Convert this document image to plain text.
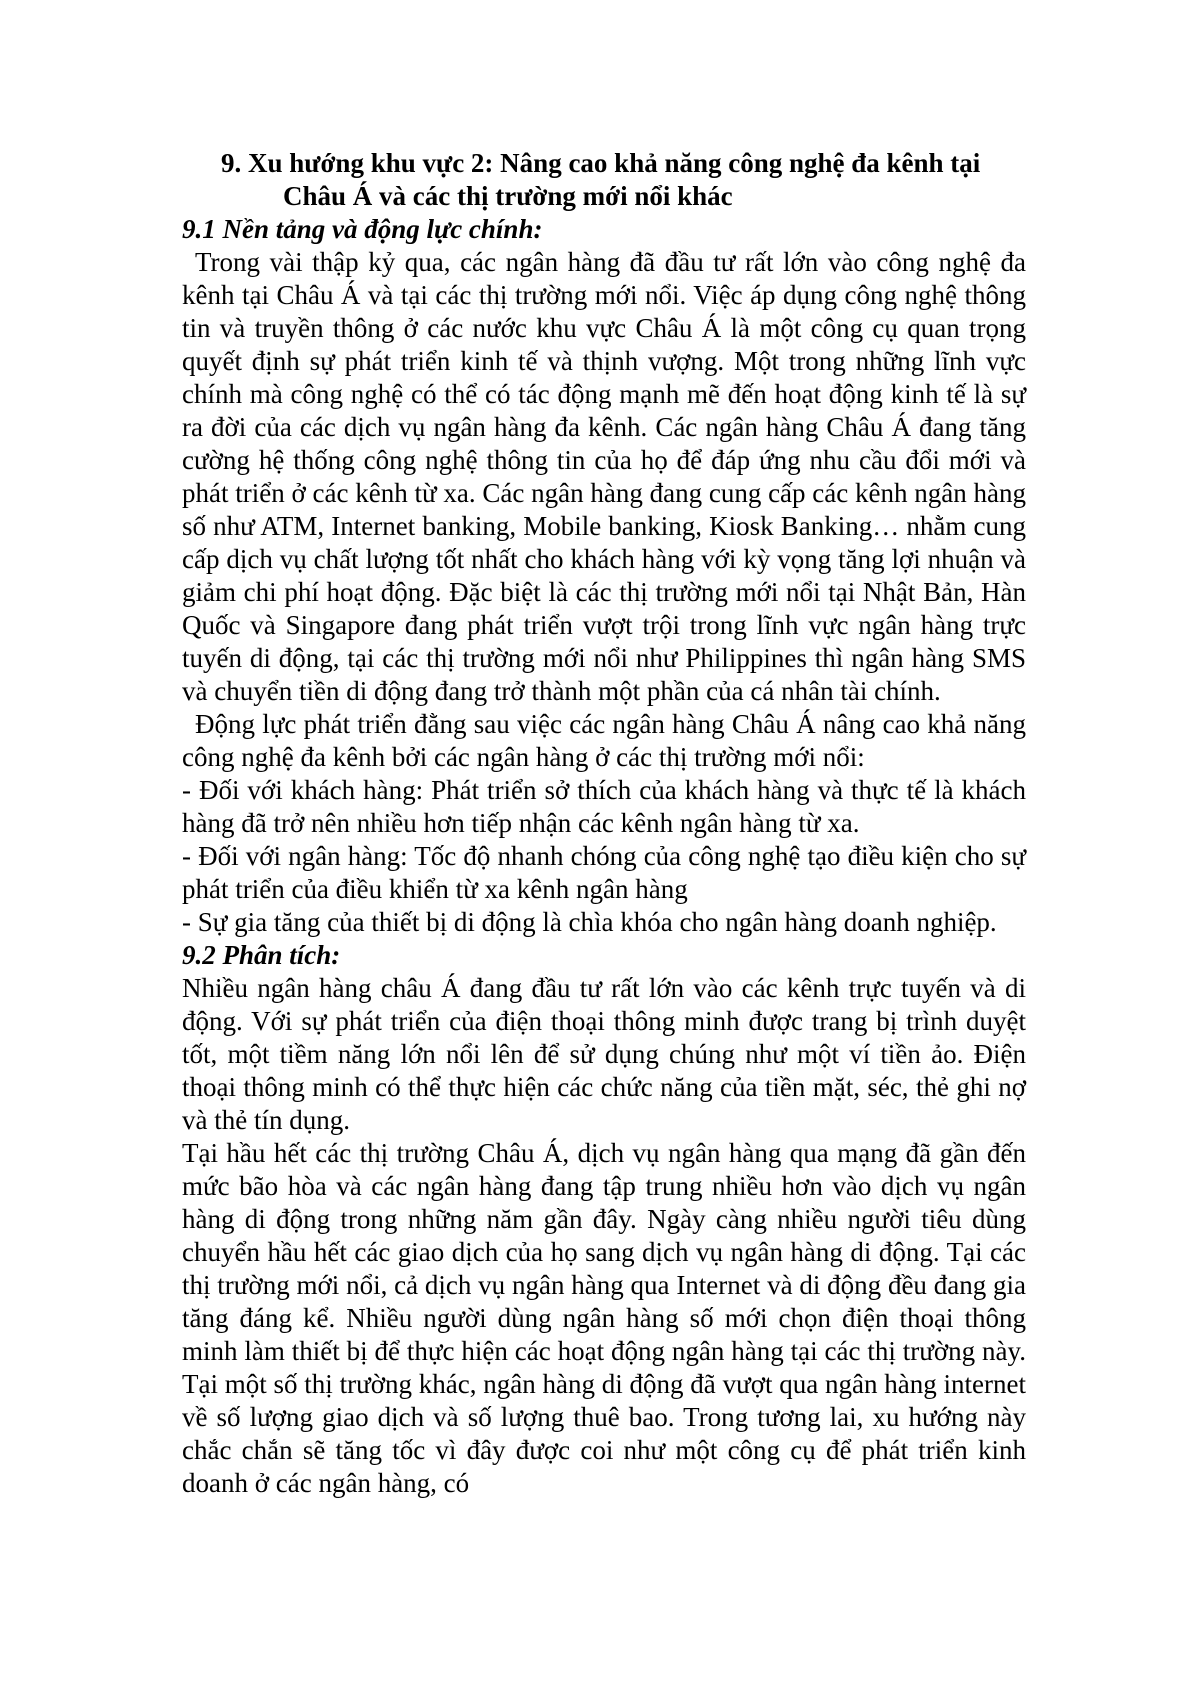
9. Xu hướng khu vực 2: Nâng cao khả năng công nghệ đa kênh tại
Châu Á và các thị trường mới nổi khác
9.1 Nền tảng và động lực chính:

Trong vài thập kỷ qua, các ngân hàng đã đầu tư rất lớn vào công nghệ đa kênh tại Châu Á và tại các thị trường mới nổi. Việc áp dụng công nghệ thông tin và truyền thông ở các nước khu vực Châu Á là một công cụ quan trọng quyết định sự phát triển kinh tế và thịnh vượng. Một trong những lĩnh vực chính mà công nghệ có thể có tác động mạnh mẽ đến hoạt động kinh tế là sự ra đời của các dịch vụ ngân hàng đa kênh. Các ngân hàng Châu Á đang tăng cường hệ thống công nghệ thông tin của họ để đáp ứng nhu cầu đổi mới và phát triển ở các kênh từ xa. Các ngân hàng đang cung cấp các kênh ngân hàng số như ATM, Internet banking, Mobile banking, Kiosk Banking… nhằm cung cấp dịch vụ chất lượng tốt nhất cho khách hàng với kỳ vọng tăng lợi nhuận và giảm chi phí hoạt động. Đặc biệt là các thị trường mới nổi tại Nhật Bản, Hàn Quốc và Singapore đang phát triển vượt trội trong lĩnh vực ngân hàng trực tuyến di động, tại các thị trường mới nổi như Philippines thì ngân hàng SMS và chuyển tiền di động đang trở thành một phần của cá nhân tài chính.

Động lực phát triển đằng sau việc các ngân hàng Châu Á nâng cao khả năng công nghệ đa kênh bởi các ngân hàng ở các thị trường mới nổi:

- Đối với khách hàng: Phát triển sở thích của khách hàng và thực tế là khách hàng đã trở nên nhiều hơn tiếp nhận các kênh ngân hàng từ xa.

- Đối với ngân hàng: Tốc độ nhanh chóng của công nghệ tạo điều kiện cho sự phát triển của điều khiển từ xa kênh ngân hàng

- Sự gia tăng của thiết bị di động là chìa khóa cho ngân hàng doanh nghiệp.

9.2 Phân tích:

Nhiều ngân hàng châu Á đang đầu tư rất lớn vào các kênh trực tuyến và di động. Với sự phát triển của điện thoại thông minh được trang bị trình duyệt tốt, một tiềm năng lớn nổi lên để sử dụng chúng như một ví tiền ảo. Điện thoại thông minh có thể thực hiện các chức năng của tiền mặt, séc, thẻ ghi nợ và thẻ tín dụng.

Tại hầu hết các thị trường Châu Á, dịch vụ ngân hàng qua mạng đã gần đến mức bão hòa và các ngân hàng đang tập trung nhiều hơn vào dịch vụ ngân hàng di động trong những năm gần đây. Ngày càng nhiều người tiêu dùng chuyển hầu hết các giao dịch của họ sang dịch vụ ngân hàng di động. Tại các thị trường mới nổi, cả dịch vụ ngân hàng qua Internet và di động đều đang gia tăng đáng kể. Nhiều người dùng ngân hàng số mới chọn điện thoại thông minh làm thiết bị để thực hiện các hoạt động ngân hàng tại các thị trường này. Tại một số thị trường khác, ngân hàng di động đã vượt qua ngân hàng internet về số lượng giao dịch và số lượng thuê bao. Trong tương lai, xu hướng này chắc chắn sẽ tăng tốc vì đây được coi như một công cụ để phát triển kinh doanh ở các ngân hàng, có
